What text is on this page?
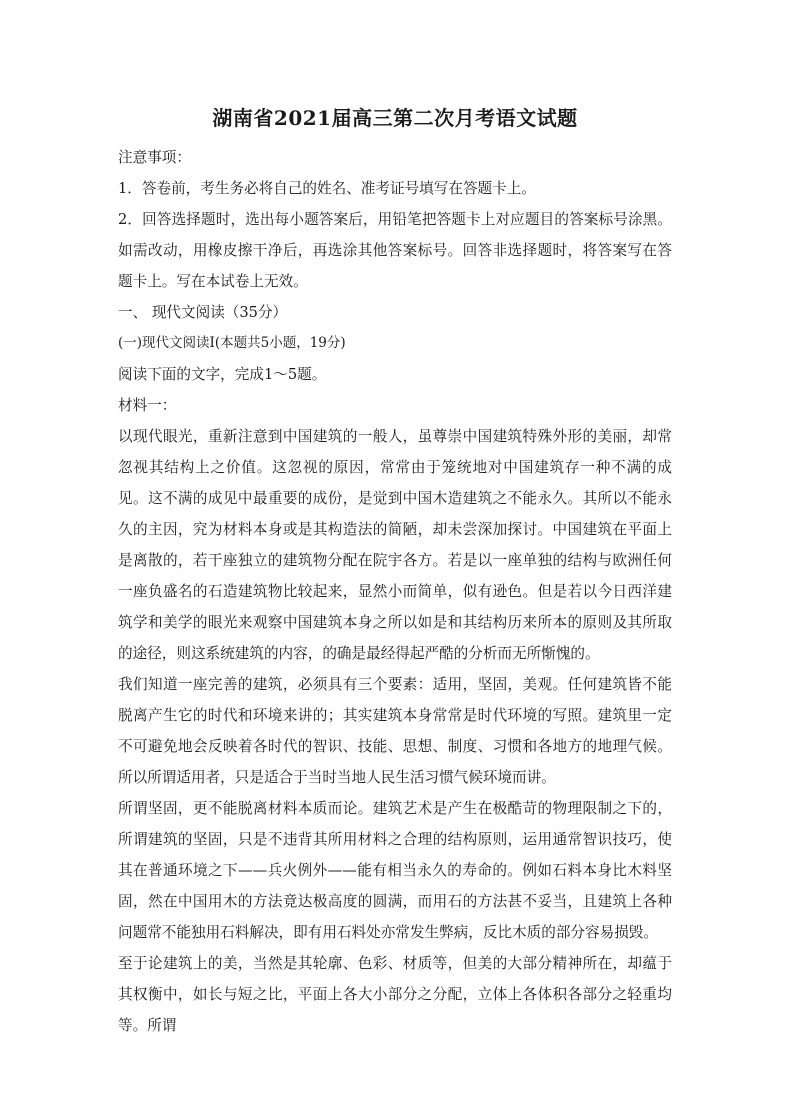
湖南省2021届高三第二次月考语文试题

注意事项：

1．答卷前，考生务必将自己的姓名、准考证号填写在答题卡上。

2．回答选择题时，选出每小题答案后，用铅笔把答题卡上对应题目的答案标号涂黑。如需改动，用橡皮擦干净后，再选涂其他答案标号。回答非选择题时，将答案写在答题卡上。写在本试卷上无效。

一、 现代文阅读（35分）

(一)现代文阅读Ⅰ(本题共5小题，19分)

阅读下面的文字，完成1～5题。

材料一：

以现代眼光，重新注意到中国建筑的一般人，虽尊崇中国建筑特殊外形的美丽，却常忽视其结构上之价值。这忽视的原因，常常由于笼统地对中国建筑存一种不满的成见。这不满的成见中最重要的成份，是觉到中国木造建筑之不能永久。其所以不能永久的主因，究为材料本身或是其构造法的简陋，却未尝深加探讨。中国建筑在平面上是离散的，若干座独立的建筑物分配在院宇各方。若是以一座单独的结构与欧洲任何一座负盛名的石造建筑物比较起来，显然小而简单，似有逊色。但是若以今日西洋建筑学和美学的眼光来观察中国建筑本身之所以如是和其结构历来所本的原则及其所取的途径，则这系统建筑的内容，的确是最经得起严酷的分析而无所惭愧的。

我们知道一座完善的建筑，必须具有三个要素：适用，坚固，美观。任何建筑皆不能脱离产生它的时代和环境来讲的；其实建筑本身常常是时代环境的写照。建筑里一定不可避免地会反映着各时代的智识、技能、思想、制度、习惯和各地方的地理气候。所以所谓适用者，只是适合于当时当地人民生活习惯气候环境而讲。

所谓坚固，更不能脱离材料本质而论。建筑艺术是产生在极酷苛的物理限制之下的，所谓建筑的坚固，只是不违背其所用材料之合理的结构原则，运用通常智识技巧，使其在普通环境之下——兵火例外——能有相当永久的寿命的。例如石料本身比木料坚固，然在中国用木的方法竟达极高度的圆满，而用石的方法甚不妥当，且建筑上各种问题常不能独用石料解决，即有用石料处亦常发生弊病，反比木质的部分容易损毁。

至于论建筑上的美，当然是其轮廓、色彩、材质等，但美的大部分精神所在，却蕴于其权衡中，如长与短之比，平面上各大小部分之分配，立体上各体积各部分之轻重均等。所谓
